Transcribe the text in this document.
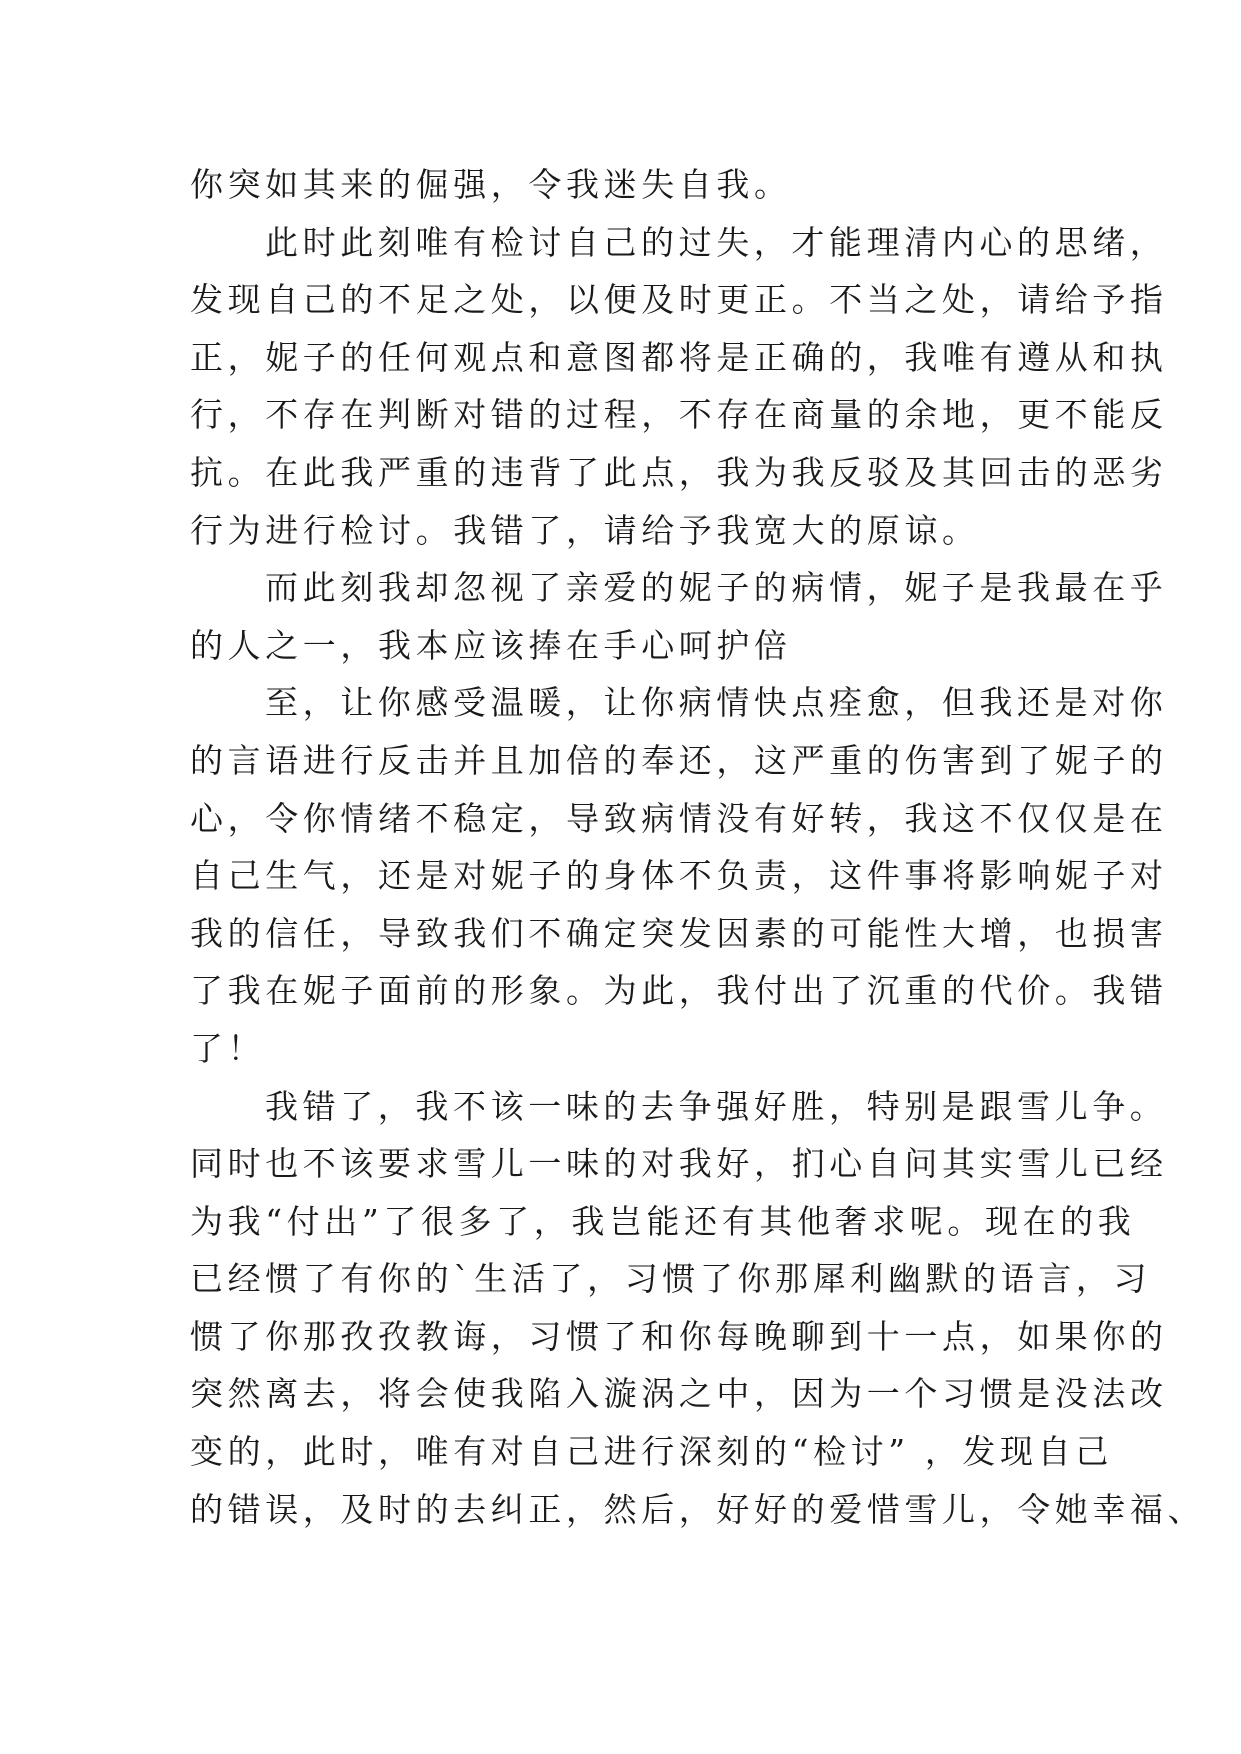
你突如其来的倔强，令我迷失自我。
此时此刻唯有检讨自己的过失，才能理清内心的思绪，
发现自己的不足之处，以便及时更正。不当之处，请给予指
正，妮子的任何观点和意图都将是正确的，我唯有遵从和执
行，不存在判断对错的过程，不存在商量的余地，更不能反
抗。在此我严重的违背了此点，我为我反驳及其回击的恶劣
行为进行检讨。我错了，请给予我宽大的原谅。
而此刻我却忽视了亲爱的妮子的病情，妮子是我最在乎
的人之一，我本应该捧在手心呵护倍
至，让你感受温暖，让你病情快点痊愈，但我还是对你
的言语进行反击并且加倍的奉还，这严重的伤害到了妮子的
心，令你情绪不稳定，导致病情没有好转，我这不仅仅是在
自己生气，还是对妮子的身体不负责，这件事将影响妮子对
我的信任，导致我们不确定突发因素的可能性大增，也损害
了我在妮子面前的形象。为此，我付出了沉重的代价。我错
了！
我错了，我不该一味的去争强好胜，特别是跟雪儿争。
同时也不该要求雪儿一味的对我好，扪心自问其实雪儿已经
为我“付出”了很多了，我岂能还有其他奢求呢。现在的我
已经惯了有你的`生活了，习惯了你那犀利幽默的语言，习
惯了你那孜孜教诲，习惯了和你每晚聊到十一点，如果你的
突然离去，将会使我陷入漩涡之中，因为一个习惯是没法改
变的，此时，唯有对自己进行深刻的“检讨” ，发现自己
的错误，及时的去纠正，然后，好好的爱惜雪儿，令她幸福、
